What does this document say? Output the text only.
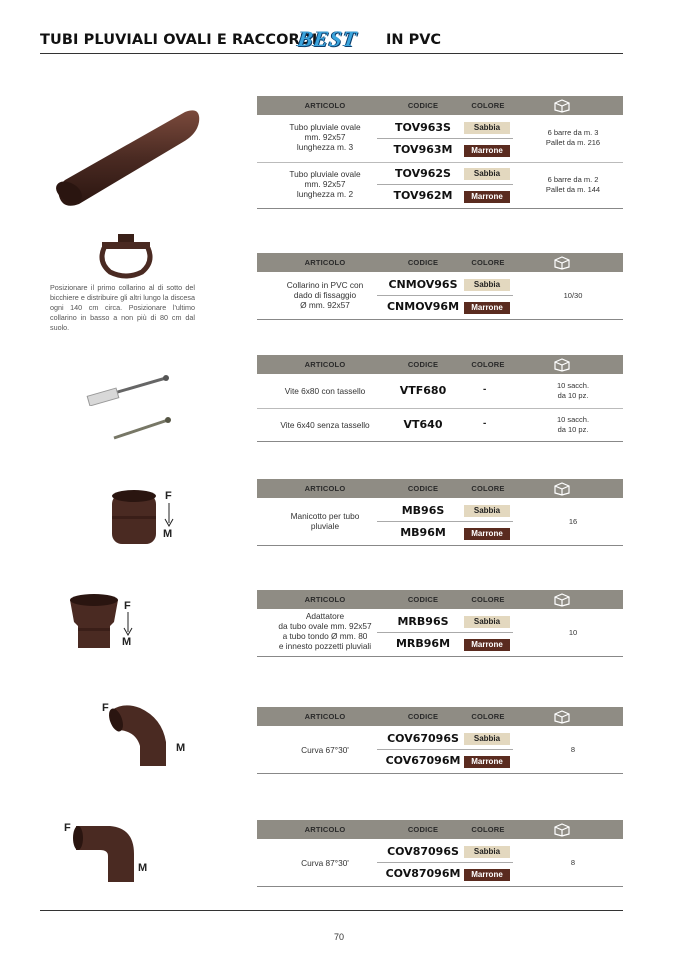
TUBI PLUVIALI OVALI E RACCORDI
BEST IN PVC
Posizionare il primo collarino al di sotto del bicchiere e distribuire gli altri lungo la discesa ogni 140 cm circa. Posizionare l'ultimo collarino in basso a non più di 80 cm dal suolo.
F
M
F
M
F
M
F
M
ARTICOLO	CODICE	COLORE
Tubo pluviale ovale
mm. 92x57
lunghezza m. 3
TOV963S	Sabbia
TOV963M	Marrone
6 barre da m. 3
Pallet da m. 216
Tubo pluviale ovale
mm. 92x57
lunghezza m. 2
TOV962S	Sabbia
TOV962M	Marrone
6 barre da m. 2
Pallet da m. 144
ARTICOLO	CODICE	COLORE
Collarino in PVC con
dado di fissaggio
Ø mm. 92x57
CNMOV96S	Sabbia
CNMOV96M	Marrone
10/30
ARTICOLO	CODICE	COLORE
Vite 6x80 con tassello	VTF680	-	10 sacch.
da 10 pz.
Vite 6x40 senza tassello	VT640	-	10 sacch.
da 10 pz.
ARTICOLO	CODICE	COLORE
Manicotto per tubo
pluviale
MB96S	Sabbia
MB96M	Marrone
16
ARTICOLO	CODICE	COLORE
Adattatore
da tubo ovale mm. 92x57
a tubo tondo Ø mm. 80
e innesto pozzetti pluviali
MRB96S	Sabbia
MRB96M	Marrone
10
ARTICOLO	CODICE	COLORE
Curva 67°30'
COV67096S	Sabbia
COV67096M	Marrone
8
ARTICOLO	CODICE	COLORE
Curva 87°30'
COV87096S	Sabbia
COV87096M	Marrone
8
70
